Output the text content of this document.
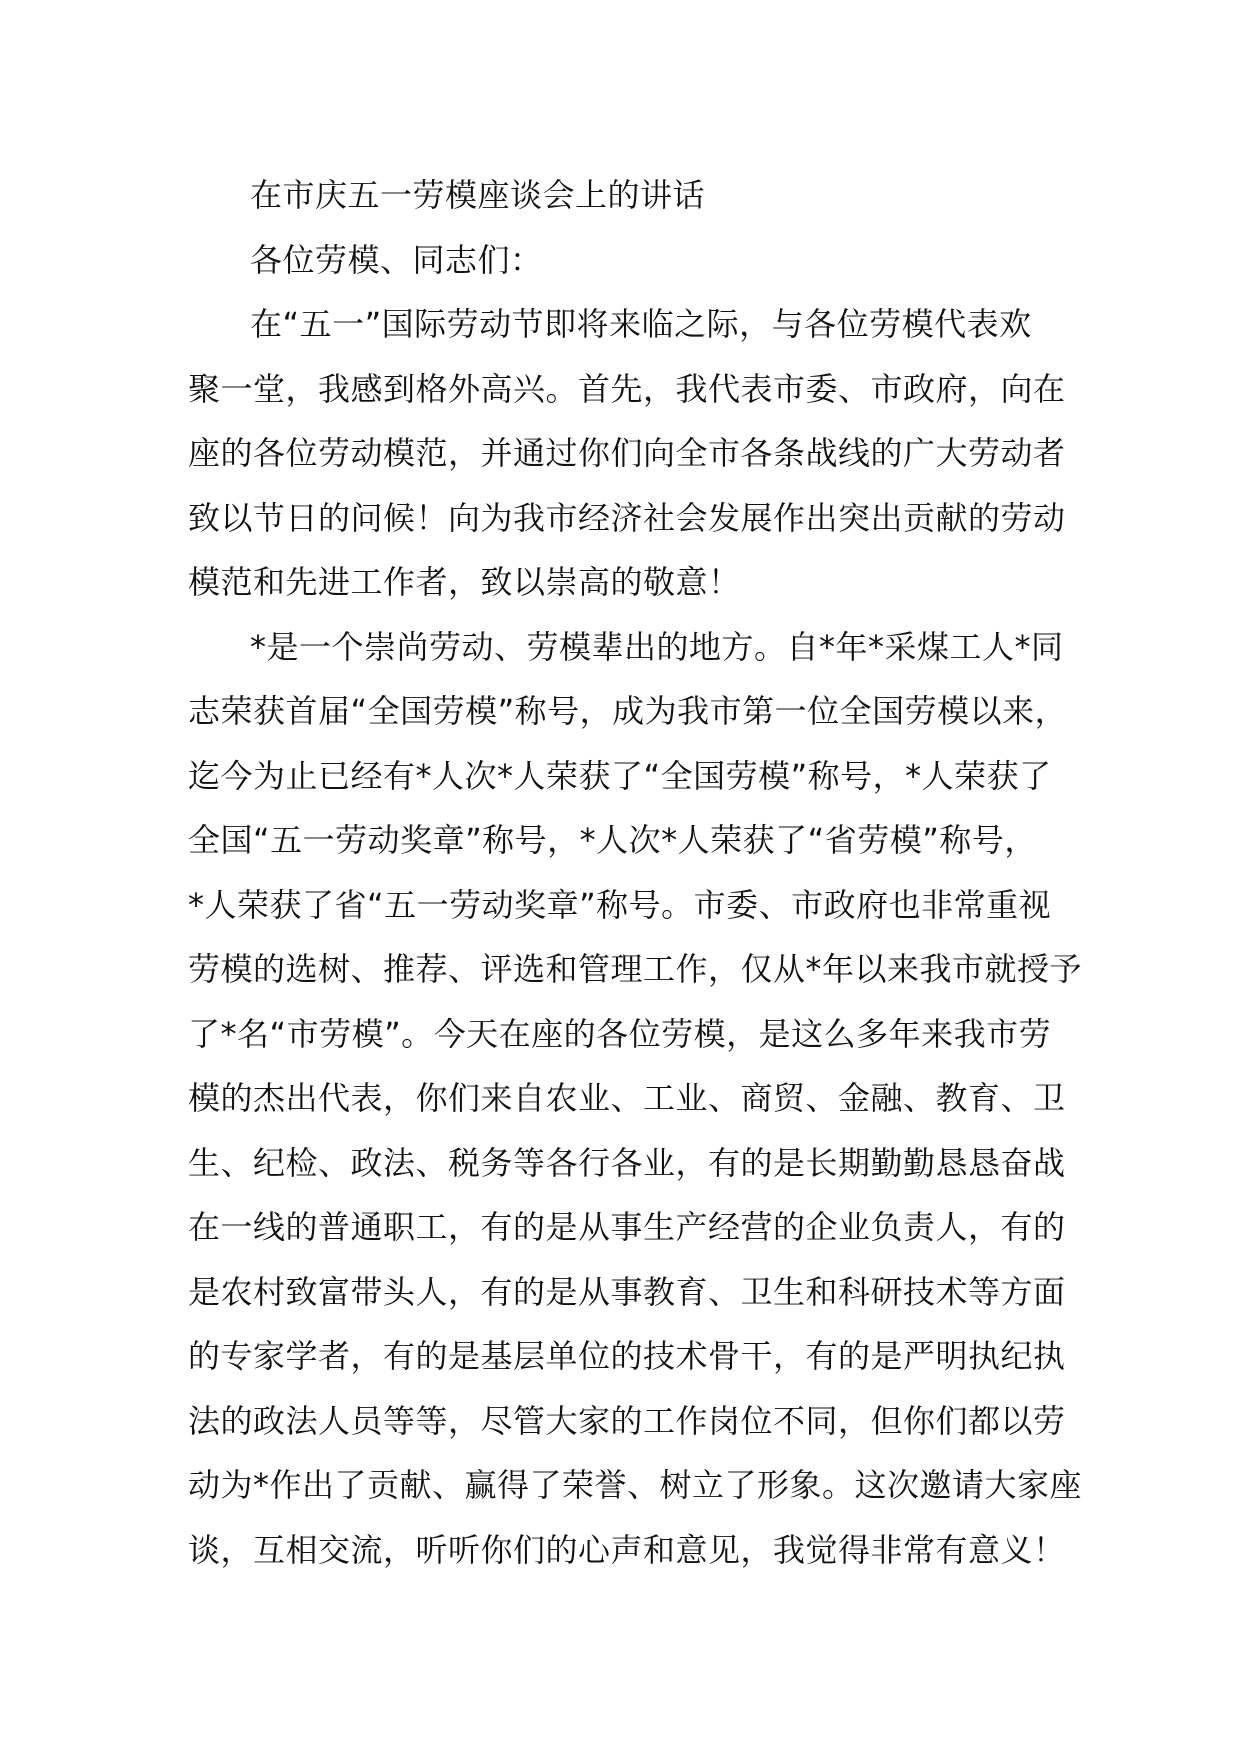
在市庆五一劳模座谈会上的讲话
各位劳模、同志们：
在“五一”国际劳动节即将来临之际，与各位劳模代表欢
聚一堂，我感到格外高兴。首先，我代表市委、市政府，向在
座的各位劳动模范，并通过你们向全市各条战线的广大劳动者
致以节日的问候！向为我市经济社会发展作出突出贡献的劳动
模范和先进工作者，致以崇高的敬意！
*是一个崇尚劳动、劳模辈出的地方。自*年*采煤工人*同
志荣获首届“全国劳模”称号，成为我市第一位全国劳模以来，
迄今为止已经有*人次*人荣获了“全国劳模”称号，*人荣获了
全国“五一劳动奖章”称号，*人次*人荣获了“省劳模”称号，
*人荣获了省“五一劳动奖章”称号。市委、市政府也非常重视
劳模的选树、推荐、评选和管理工作，仅从*年以来我市就授予
了*名“市劳模”。今天在座的各位劳模，是这么多年来我市劳
模的杰出代表，你们来自农业、工业、商贸、金融、教育、卫
生、纪检、政法、税务等各行各业，有的是长期勤勤恳恳奋战
在一线的普通职工，有的是从事生产经营的企业负责人，有的
是农村致富带头人，有的是从事教育、卫生和科研技术等方面
的专家学者，有的是基层单位的技术骨干，有的是严明执纪执
法的政法人员等等，尽管大家的工作岗位不同，但你们都以劳
动为*作出了贡献、赢得了荣誉、树立了形象。这次邀请大家座
谈，互相交流，听听你们的心声和意见，我觉得非常有意义！
